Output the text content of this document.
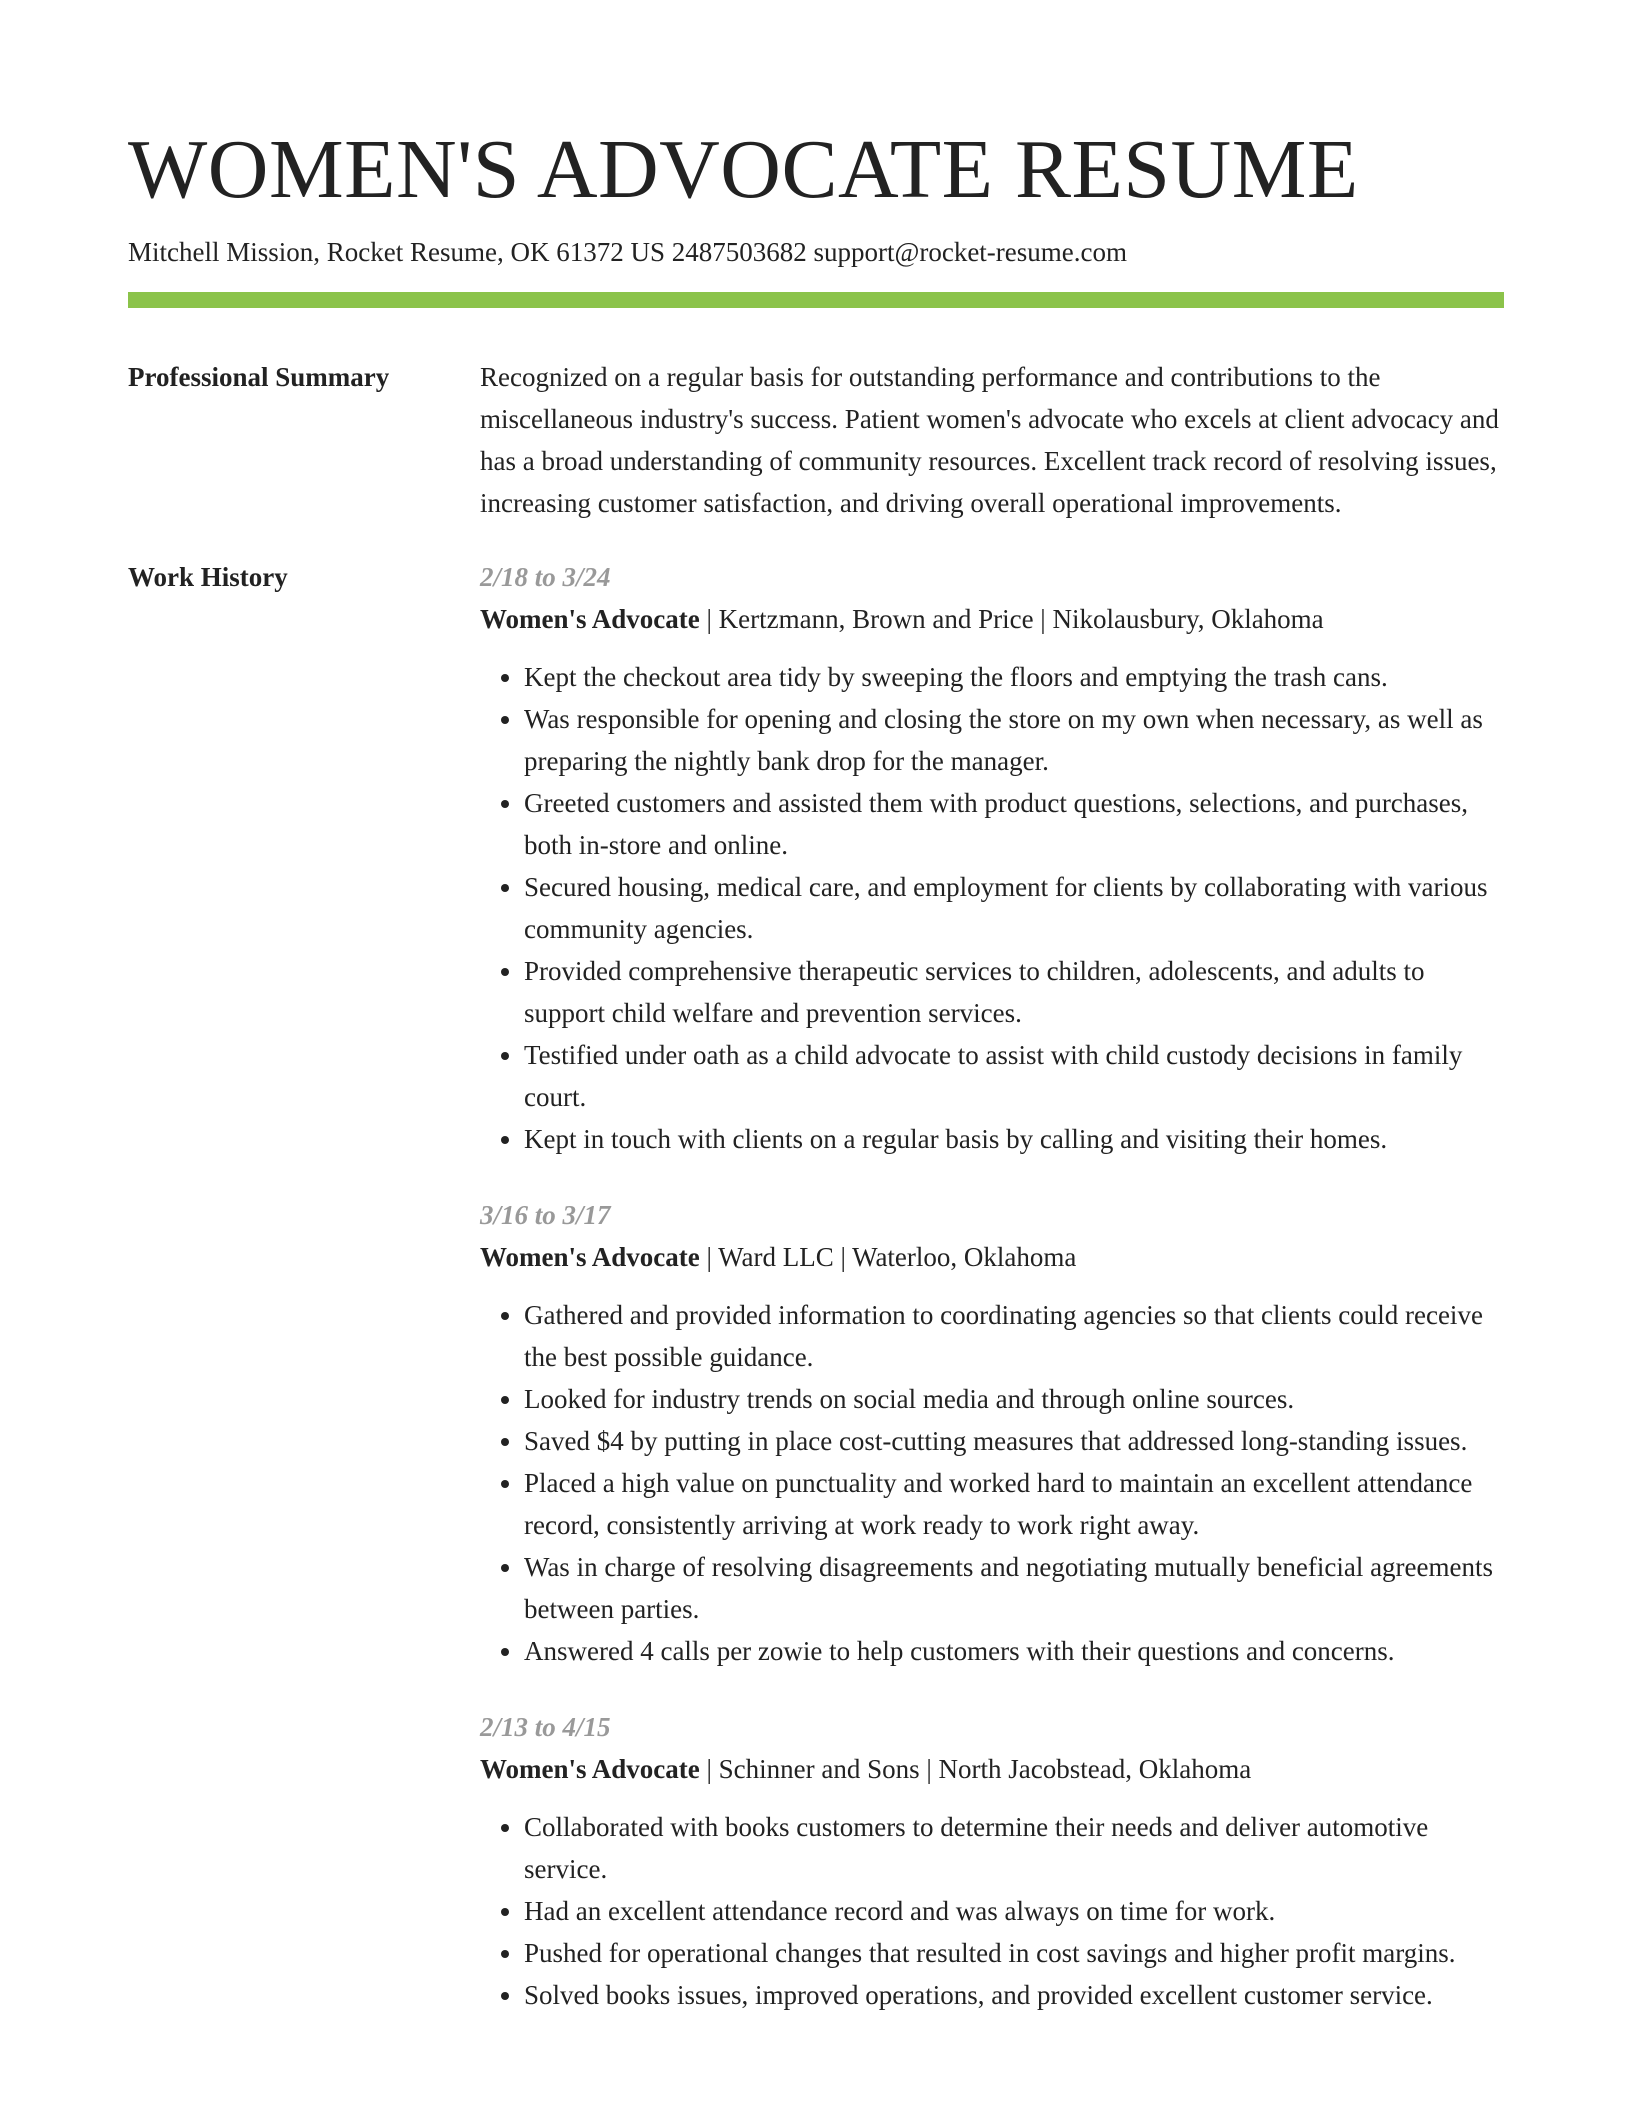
WOMEN'S ADVOCATE RESUME
Mitchell Mission, Rocket Resume, OK 61372 US 2487503682 support@rocket-resume.com
Professional Summary	Recognized on a regular basis for outstanding performance and contributions to the miscellaneous industry's success. Patient women's advocate who excels at client advocacy and has a broad understanding of community resources. Excellent track record of resolving issues, increasing customer satisfaction, and driving overall operational improvements.

Work History	2/18 to 3/24
Women's Advocate | Kertzmann, Brown and Price | Nikolausbury, Oklahoma
• Kept the checkout area tidy by sweeping the floors and emptying the trash cans.
• Was responsible for opening and closing the store on my own when necessary, as well as preparing the nightly bank drop for the manager.
• Greeted customers and assisted them with product questions, selections, and purchases, both in-store and online.
• Secured housing, medical care, and employment for clients by collaborating with various community agencies.
• Provided comprehensive therapeutic services to children, adolescents, and adults to support child welfare and prevention services.
• Testified under oath as a child advocate to assist with child custody decisions in family court.
• Kept in touch with clients on a regular basis by calling and visiting their homes.
3/16 to 3/17
Women's Advocate | Ward LLC | Waterloo, Oklahoma
• Gathered and provided information to coordinating agencies so that clients could receive the best possible guidance.
• Looked for industry trends on social media and through online sources.
• Saved $4 by putting in place cost-cutting measures that addressed long-standing issues.
• Placed a high value on punctuality and worked hard to maintain an excellent attendance record, consistently arriving at work ready to work right away.
• Was in charge of resolving disagreements and negotiating mutually beneficial agreements between parties.
• Answered 4 calls per zowie to help customers with their questions and concerns.
2/13 to 4/15
Women's Advocate | Schinner and Sons | North Jacobstead, Oklahoma
• Collaborated with books customers to determine their needs and deliver automotive service.
• Had an excellent attendance record and was always on time for work.
• Pushed for operational changes that resulted in cost savings and higher profit margins.
• Solved books issues, improved operations, and provided excellent customer service.
